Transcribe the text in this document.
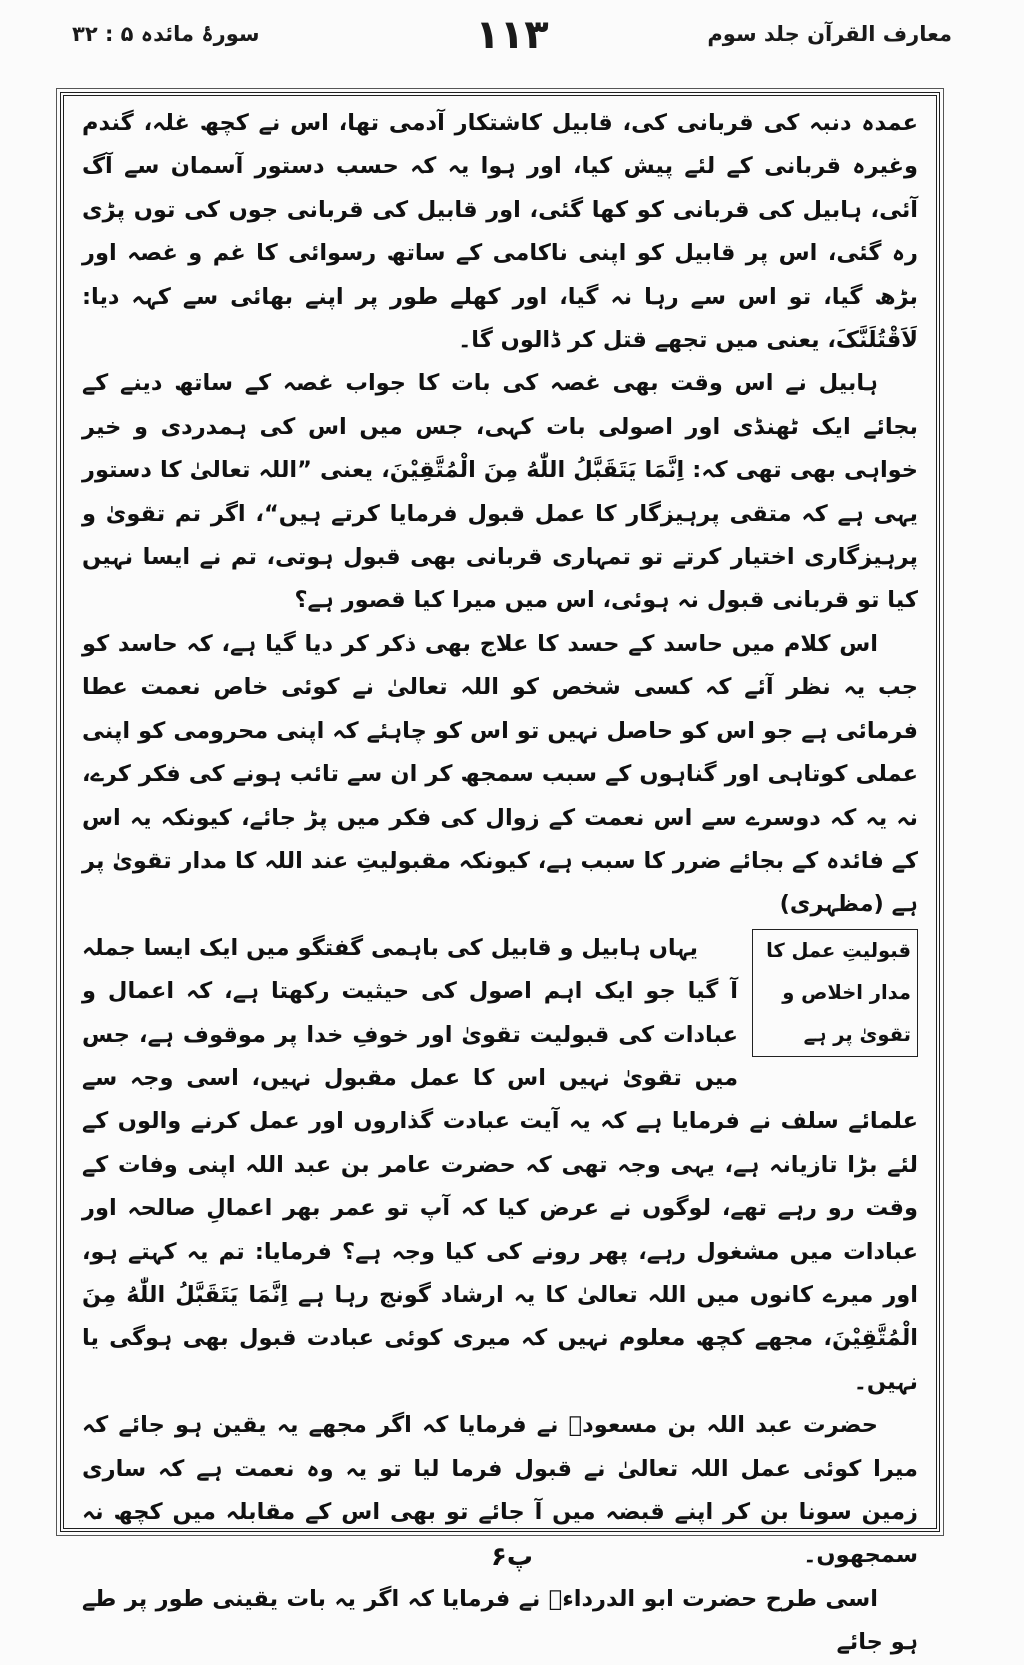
سورۂ مائدہ ۵ : ۳۲	۱۱۳	معارف القرآن جلد سوم

عمدہ دنبہ کی قربانی کی، قابیل کاشتکار آدمی تھا، اس نے کچھ غلہ، گندم وغیرہ قربانی کے لئے پیش کیا، اور ہوا یہ کہ حسب دستور آسمان سے آگ آئی، ہابیل کی قربانی کو کھا گئی، اور قابیل کی قربانی جوں کی توں پڑی رہ گئی، اس پر قابیل کو اپنی ناکامی کے ساتھ رسوائی کا غم و غصہ اور بڑھ گیا، تو اس سے رہا نہ گیا، اور کھلے طور پر اپنے بھائی سے کہہ دیا: لَاَقْتُلَنَّکَ، یعنی میں تجھے قتل کر ڈالوں گا۔

ہابیل نے اس وقت بھی غصہ کی بات کا جواب غصہ کے ساتھ دینے کے بجائے ایک ٹھنڈی اور اصولی بات کہی، جس میں اس کی ہمدردی و خیر خواہی بھی تھی کہ: اِنَّمَا یَتَقَبَّلُ اللّٰهُ مِنَ الْمُتَّقِیْنَ، یعنی ”اللہ تعالیٰ کا دستور یہی ہے کہ متقی پرہیزگار کا عمل قبول فرمایا کرتے ہیں“، اگر تم تقویٰ و پرہیزگاری اختیار کرتے تو تمہاری قربانی بھی قبول ہوتی، تم نے ایسا نہیں کیا تو قربانی قبول نہ ہوئی، اس میں میرا کیا قصور ہے؟

اس کلام میں حاسد کے حسد کا علاج بھی ذکر کر دیا گیا ہے، کہ حاسد کو جب یہ نظر آئے کہ کسی شخص کو اللہ تعالیٰ نے کوئی خاص نعمت عطا فرمائی ہے جو اس کو حاصل نہیں تو اس کو چاہئے کہ اپنی محرومی کو اپنی عملی کوتاہی اور گناہوں کے سبب سمجھ کر ان سے تائب ہونے کی فکر کرے، نہ یہ کہ دوسرے سے اس نعمت کے زوال کی فکر میں پڑ جائے، کیونکہ یہ اس کے فائدہ کے بجائے ضرر کا سبب ہے، کیونکہ مقبولیتِ عند اللہ کا مدار تقویٰ پر ہے (مظہری)

قبولیتِ عمل کا مدار اخلاص و تقویٰ پر ہے

یہاں ہابیل و قابیل کی باہمی گفتگو میں ایک ایسا جملہ آ گیا جو ایک اہم اصول کی حیثیت رکھتا ہے، کہ اعمال و عبادات کی قبولیت تقویٰ اور خوفِ خدا پر موقوف ہے، جس میں تقویٰ نہیں اس کا عمل مقبول نہیں، اسی وجہ سے علمائے سلف نے فرمایا ہے کہ یہ آیت عبادت گذاروں اور عمل کرنے والوں کے لئے بڑا تازیانہ ہے، یہی وجہ تھی کہ حضرت عامر بن عبد اللہ اپنی وفات کے وقت رو رہے تھے، لوگوں نے عرض کیا کہ آپ تو عمر بھر اعمالِ صالحہ اور عبادات میں مشغول رہے، پھر رونے کی کیا وجہ ہے؟ فرمایا: تم یہ کہتے ہو، اور میرے کانوں میں اللہ تعالیٰ کا یہ ارشاد گونج رہا ہے اِنَّمَا یَتَقَبَّلُ اللّٰهُ مِنَ الْمُتَّقِیْنَ، مجھے کچھ معلوم نہیں کہ میری کوئی عبادت قبول بھی ہوگی یا نہیں۔

حضرت عبد اللہ بن مسعودؓ نے فرمایا کہ اگر مجھے یہ یقین ہو جائے کہ میرا کوئی عمل اللہ تعالیٰ نے قبول فرما لیا تو یہ وہ نعمت ہے کہ ساری زمین سونا بن کر اپنے قبضہ میں آ جائے تو بھی اس کے مقابلہ میں کچھ نہ سمجھوں۔

اسی طرح حضرت ابو الدرداءؓ نے فرمایا کہ اگر یہ بات یقینی طور پر طے ہو جائے

۶پ
